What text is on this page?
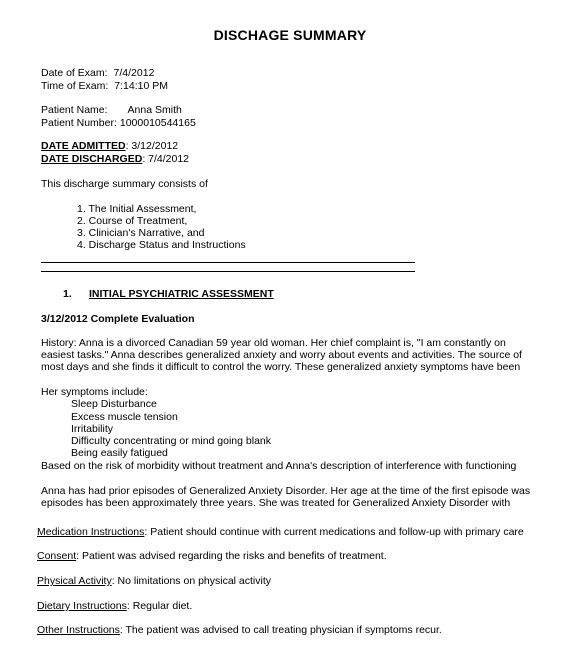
DISCHAGE SUMMARY
Date of Exam: 7/4/2012
Time of Exam: 7:14:10 PM
Patient Name: Anna Smith
Patient Number: 1000010544165
DATE ADMITTED: 3/12/2012
DATE DISCHARGED: 7/4/2012
This discharge summary consists of
1. The Initial Assessment,
2. Course of Treatment,
3. Clinician's Narrative, and
4. Discharge Status and Instructions
1. INITIAL PSYCHIATRIC ASSESSMENT
3/12/2012 Complete Evaluation
History: Anna is a divorced Canadian 59 year old woman. Her chief complaint is, "I am constantly on
easiest tasks." Anna describes generalized anxiety and worry about events and activities. The source of
most days and she finds it difficult to control the worry. These generalized anxiety symptoms have been
Her symptoms include:
Sleep Disturbance
Excess muscle tension
Irritability
Difficulty concentrating or mind going blank
Being easily fatigued
Based on the risk of morbidity without treatment and Anna's description of interference with functioning
Anna has had prior episodes of Generalized Anxiety Disorder. Her age at the time of the first episode was
episodes has been approximately three years. She was treated for Generalized Anxiety Disorder with
Medication Instructions: Patient should continue with current medications and follow-up with primary care
Consent: Patient was advised regarding the risks and benefits of treatment.
Physical Activity: No limitations on physical activity
Dietary Instructions: Regular diet.
Other Instructions: The patient was advised to call treating physician if symptoms recur.
